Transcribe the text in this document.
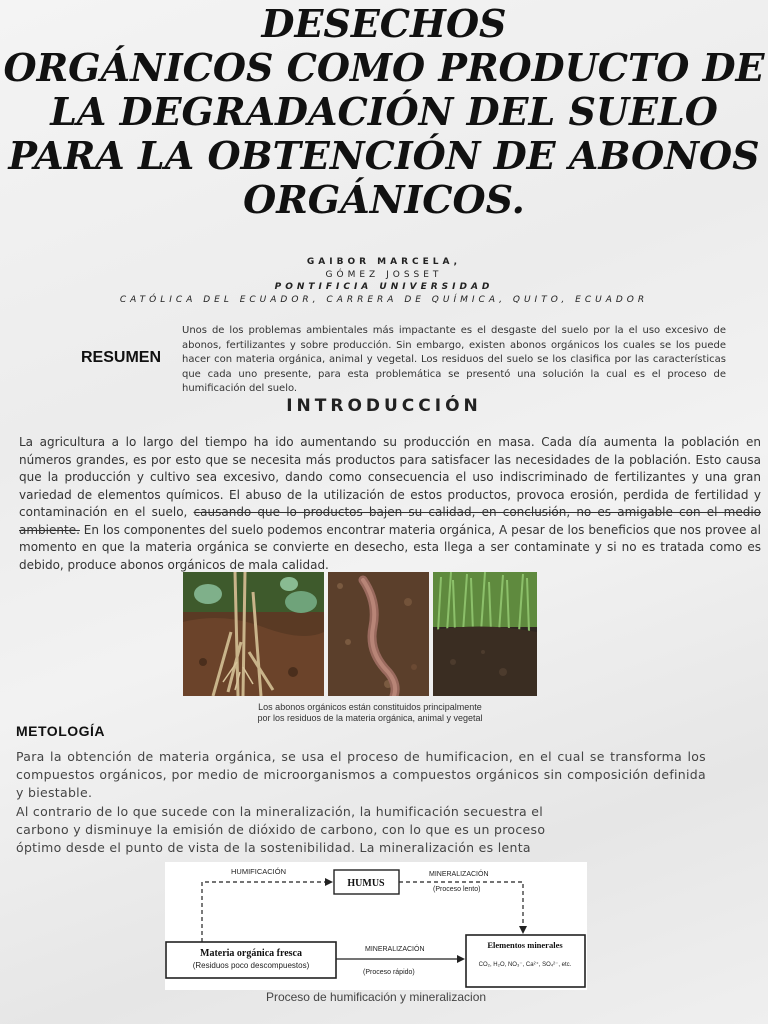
DESECHOS
ORGÁNICOS COMO PRODUCTO DE
LA DEGRADACIÓN DEL SUELO
PARA LA OBTENCIÓN DE ABONOS
ORGÁNICOS.
GAIBOR MARCELA,
GÓMEZ JOSSET
PONTIFICIA UNIVERSIDAD
CATÓLICA DEL ECUADOR, CARRERA DE QUÍMICA, QUITO, ECUADOR
RESUMEN
Unos de los problemas ambientales más impactante es el desgaste del suelo por la el uso excesivo de abonos, fertilizantes y sobre producción. Sin embargo, existen abonos orgánicos los cuales se los puede hacer con materia orgánica, animal y vegetal. Los residuos del suelo se los clasifica por las características que cada uno presente, para esta problemática se presentó una solución la cual es el proceso de humificación del suelo.
INTRODUCCIÓN
La agricultura a lo largo del tiempo ha ido aumentando su producción en masa. Cada día aumenta la población en números grandes, es por esto que se necesita más productos para satisfacer las necesidades de la población. Esto causa que la producción y cultivo sea excesivo, dando como consecuencia el uso indiscriminado de fertilizantes y una gran variedad de elementos químicos. El abuso de la utilización de estos productos, provoca erosión, perdida de fertilidad y contaminación en el suelo, causando que lo productos bajen su calidad, en conclusión, no es amigable con el medio ambiente. En los componentes del suelo podemos encontrar materia orgánica, A pesar de los beneficios que nos provee al momento en que la materia orgánica se convierte en desecho, esta llega a ser contaminate y si no es tratada como es debido, produce abonos orgánicos de mala calidad.
Los abonos orgánicos están constituidos principalmente
por los residuos de la materia orgánica, animal y vegetal
METOLOGÍA
Para la obtención de materia orgánica, se usa el proceso de humificacion, en el cual se transforma los compuestos orgánicos, por medio de microorganismos a compuestos orgánicos sin composición definida y biestable.
Al contrario de lo que sucede con la mineralización, la humificación secuestra el carbono y disminuye la emisión de dióxido de carbono, con lo que es un proceso óptimo desde el punto de vista de la sostenibilidad. La mineralización es lenta
HUMIFICACIÓN
HUMUS
MINERALIZACIÓN
(Proceso lento)
Materia orgánica fresca
(Residuos poco descompuestos)
MINERALIZACIÓN
(Proceso rápido)
Elementos minerales
CO₂, H₂O, NO₃⁻, Ca²⁺, SO₄²⁻, etc.
Proceso de humificación y mineralizacion
